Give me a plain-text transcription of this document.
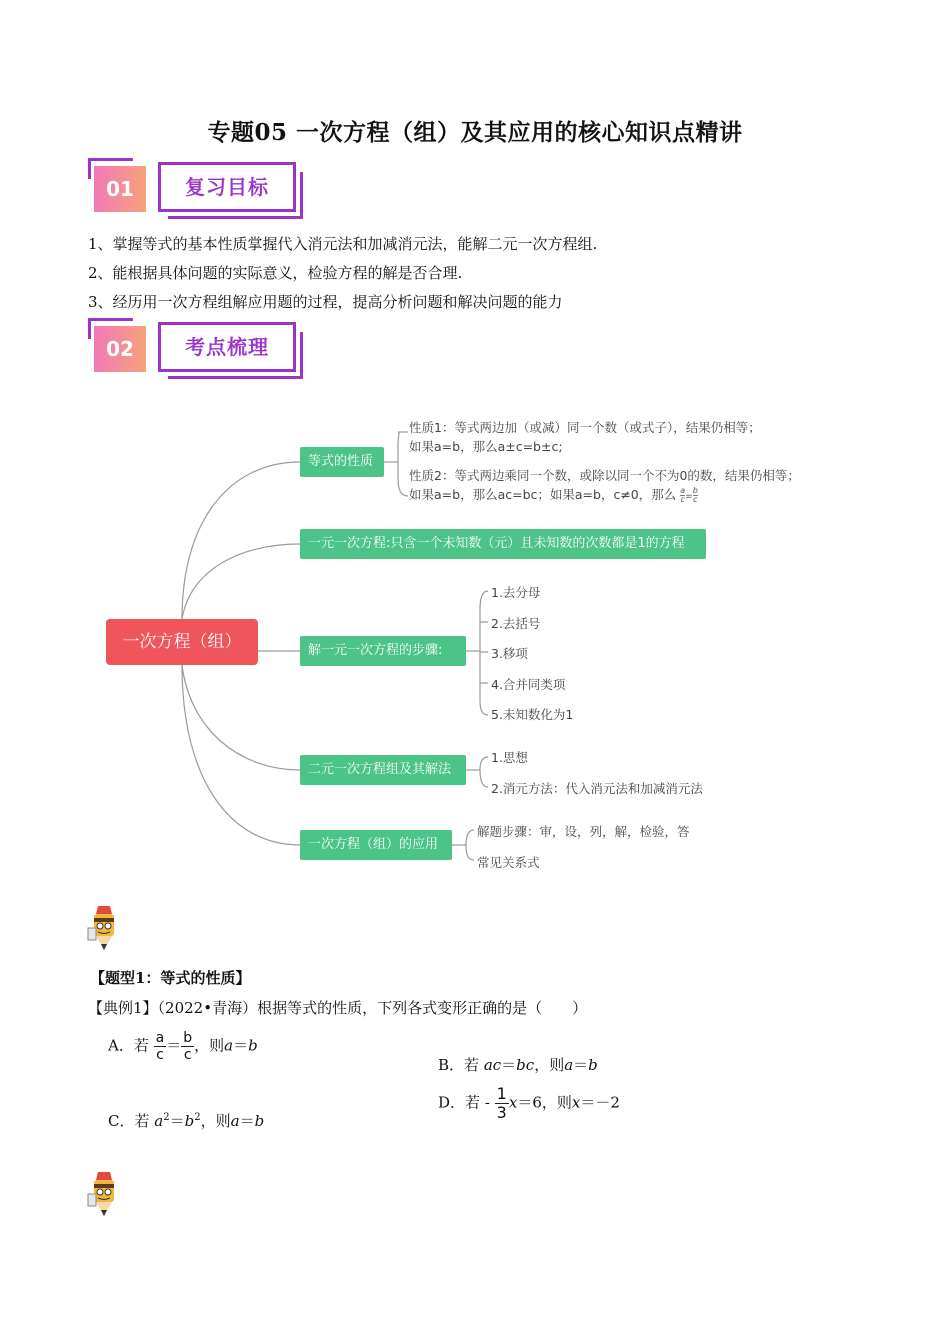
专题05 一次方程（组）及其应用的核心知识点精讲
01	复习目标
1、掌握等式的基本性质掌握代入消元法和加减消元法，能解二元一次方程组.
2、能根据具体问题的实际意义，检验方程的解是否合理.
3、经历用一次方程组解应用题的过程，提高分析问题和解决问题的能力
02	考点梳理
一次方程（组）
等式的性质
性质1：等式两边加（或减）同一个数（或式子），结果仍相等；
如果a=b，那么a±c=b±c;
性质2：等式两边乘同一个数，或除以同一个不为0的数，结果仍相等；
如果a=b，那么ac=bc；如果a=b，c≠0，那么 $\frac{a}{c} = \frac{b}{c}$
一元一次方程:只含一个未知数（元）且未知数的次数都是1的方程
解一元一次方程的步骤:
1.去分母
2.去括号
3.移项
4.合并同类项
5.未知数化为1
二元一次方程组及其解法
1.思想
2.消元方法：代入消元法和加减消元法
一次方程（组）的应用
解题步骤：审，设，列，解，检验，答
常见关系式
【题型1：等式的性质】
【典例1】（2022•青海）根据等式的性质，下列各式变形正确的是（　　）
A．若 $\frac{a}{c} = \frac{b}{c}$ ，则a＝b
B．若 ac＝bc，则a＝b
C．若 $a^2=b^2$，则a＝b
D．若 - $\frac{1}{3} x=6$，则x＝－2
